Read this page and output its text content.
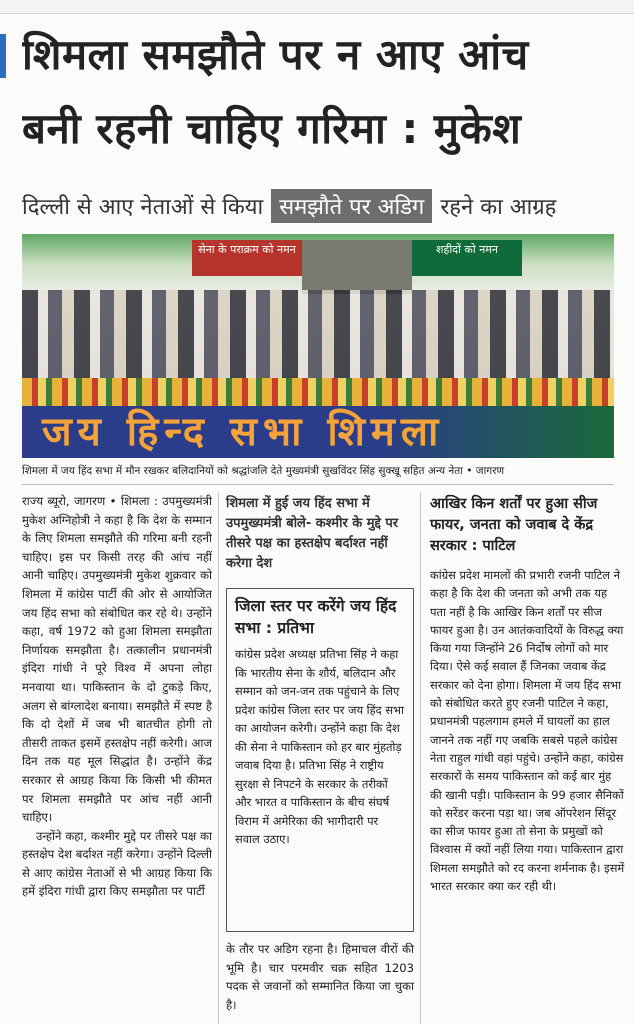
शिमला समझौते पर न आए आंच
बनी रहनी चाहिए गरिमा : मुकेश
दिल्ली से आए नेताओं से किया समझौते पर अडिग रहने का आग्रह
सेना के पराक्रम को नमन	शहीदों को नमन
जय हिन्द सभा शिमला
शिमला में जय हिंद सभा में मौन रखकर बलिदानियों को श्रद्धांजलि देते मुख्यमंत्री सुखविंदर सिंह सुक्खू सहित अन्य नेता • जागरण

राज्य ब्यूरो, जागरण • शिमला : उपमुख्यमंत्री मुकेश अग्निहोत्री ने कहा है कि देश के सम्मान के लिए शिमला समझौते की गरिमा बनी रहनी चाहिए। इस पर किसी तरह की आंच नहीं आनी चाहिए। उपमुख्यमंत्री मुकेश शुक्रवार को शिमला में कांग्रेस पार्टी की ओर से आयोजित जय हिंद सभा को संबोधित कर रहे थे। उन्होंने कहा, वर्ष 1972 को हुआ शिमला समझौता निर्णायक समझौता है। तत्कालीन प्रधानमंत्री इंदिरा गांधी ने पूरे विश्व में अपना लोहा मनवाया था। पाकिस्तान के दो टुकड़े किए, अलग से बांग्लादेश बनाया। समझौते में स्पष्ट है कि दो देशों में जब भी बातचीत होगी तो तीसरी ताकत इसमें हस्तक्षेप नहीं करेगी। आज दिन तक यह मूल सिद्धांत है। उन्होंने केंद्र सरकार से आग्रह किया कि किसी भी कीमत पर शिमला समझौते पर आंच नहीं आनी चाहिए।

उन्होंने कहा, कश्मीर मुद्दे पर तीसरे पक्ष का हस्तक्षेप देश बर्दाश्त नहीं करेगा। उन्होंने दिल्ली से आए कांग्रेस नेताओं से भी आग्रह किया कि हमें इंदिरा गांधी द्वारा किए समझौता पर पार्टी

शिमला में हुई जय हिंद सभा में उपमुख्यमंत्री बोले- कश्मीर के मुद्दे पर तीसरे पक्ष का हस्तक्षेप बर्दाश्त नहीं करेगा देश
जिला स्तर पर करेंगे जय हिंद सभा : प्रतिभा
कांग्रेस प्रदेश अध्यक्ष प्रतिभा सिंह ने कहा कि भारतीय सेना के शौर्य, बलिदान और सम्मान को जन-जन तक पहुंचाने के लिए प्रदेश कांग्रेस जिला स्तर पर जय हिंद सभा का आयोजन करेगी। उन्होंने कहा कि देश की सेना ने पाकिस्तान को हर बार मुंहतोड़ जवाब दिया है। प्रतिभा सिंह ने राष्ट्रीय सुरक्षा से निपटने के सरकार के तरीकों और भारत व पाकिस्तान के बीच संघर्ष विराम में अमेरिका की भागीदारी पर सवाल उठाए।
के तौर पर अडिग रहना है। हिमाचल वीरों की भूमि है। चार परमवीर चक्र सहित 1203 पदक से जवानों को सम्मानित किया जा चुका है।
आखिर किन शर्तों पर हुआ सीज फायर, जनता को जवाब दे केंद्र सरकार : पाटिल
कांग्रेस प्रदेश मामलों की प्रभारी रजनी पाटिल ने कहा है कि देश की जनता को अभी तक यह पता नहीं है कि आखिर किन शर्तों पर सीज फायर हुआ है। उन आतंकवादियों के विरुद्ध क्या किया गया जिन्होंने 26 निर्दोष लोगों को मार दिया। ऐसे कई सवाल हैं जिनका जवाब केंद्र सरकार को देना होगा। शिमला में जय हिंद सभा को संबोधित करते हुए रजनी पाटिल ने कहा, प्रधानमंत्री पहलगाम हमले में घायलों का हाल जानने तक नहीं गए जबकि सबसे पहले कांग्रेस नेता राहुल गांधी वहां पहुंचे। उन्होंने कहा, कांग्रेस सरकारों के समय पाकिस्तान को कई बार मुंह की खानी पड़ी। पाकिस्तान के 99 हजार सैनिकों को सरेंडर करना पड़ा था। जब ऑपरेशन सिंदूर का सीज फायर हुआ तो सेना के प्रमुखों को विश्वास में क्यों नहीं लिया गया। पाकिस्तान द्वारा शिमला समझौते को रद करना शर्मनाक है। इसमें भारत सरकार क्या कर रही थी।
